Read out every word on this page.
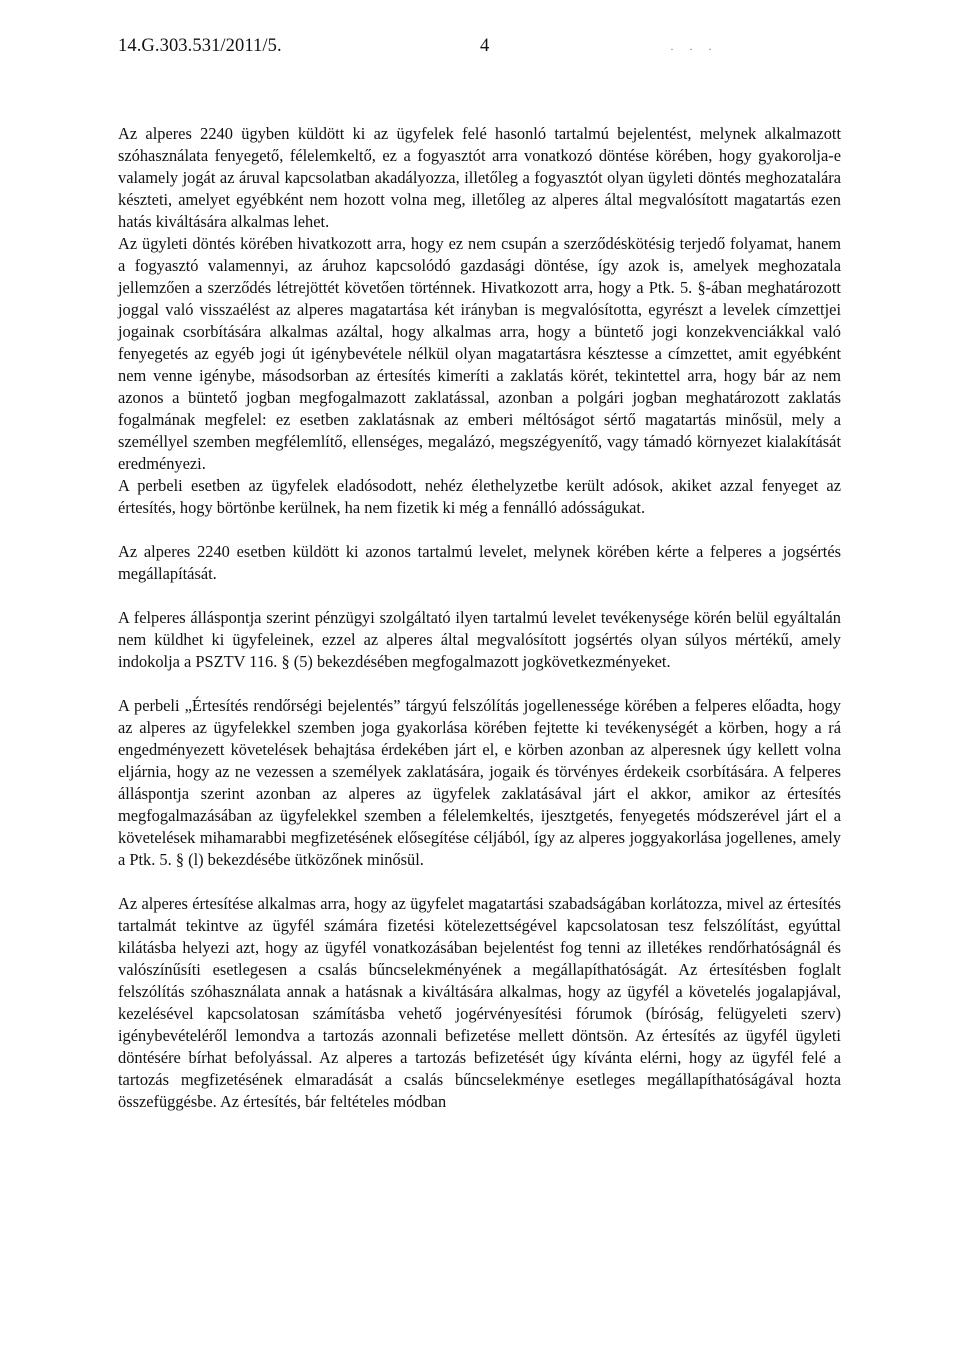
14.G.303.531/2011/5.	4	· · ·

Az alperes 2240 ügyben küldött ki az ügyfelek felé hasonló tartalmú bejelentést, melynek alkalmazott szóhasználata fenyegető, félelemkeltő, ez a fogyasztót arra vonatkozó döntése körében, hogy gyakorolja-e valamely jogát az áruval kapcsolatban akadályozza, illetőleg a fogyasztót olyan ügyleti döntés meghozatalára készteti, amelyet egyébként nem hozott volna meg, illetőleg az alperes által megvalósított magatartás ezen hatás kiváltására alkalmas lehet.

Az ügyleti döntés körében hivatkozott arra, hogy ez nem csupán a szerződéskötésig terjedő folyamat, hanem a fogyasztó valamennyi, az áruhoz kapcsolódó gazdasági döntése, így azok is, amelyek meghozatala jellemzően a szerződés létrejöttét követően történnek. Hivatkozott arra, hogy a Ptk. 5. §-ában meghatározott joggal való visszaélést az alperes magatartása két irányban is megvalósította, egyrészt a levelek címzettjei jogainak csorbítására alkalmas azáltal, hogy alkalmas arra, hogy a büntető jogi konzekvenciákkal való fenyegetés az egyéb jogi út igénybevétele nélkül olyan magatartásra késztesse a címzettet, amit egyébként nem venne igénybe, másodsorban az értesítés kimeríti a zaklatás körét, tekintettel arra, hogy bár az nem azonos a büntető jogban megfogalmazott zaklatással, azonban a polgári jogban meghatározott zaklatás fogalmának megfelel: ez esetben zaklatásnak az emberi méltóságot sértő magatartás minősül, mely a személlyel szemben megfélemlítő, ellenséges, megalázó, megszégyenítő, vagy támadó környezet kialakítását eredményezi.

A perbeli esetben az ügyfelek eladósodott, nehéz élethelyzetbe került adósok, akiket azzal fenyeget az értesítés, hogy börtönbe kerülnek, ha nem fizetik ki még a fennálló adósságukat.

Az alperes 2240 esetben küldött ki azonos tartalmú levelet, melynek körében kérte a felperes a jogsértés megállapítását.

A felperes álláspontja szerint pénzügyi szolgáltató ilyen tartalmú levelet tevékenysége körén belül egyáltalán nem küldhet ki ügyfeleinek, ezzel az alperes által megvalósított jogsértés olyan súlyos mértékű, amely indokolja a PSZTV 116. § (5) bekezdésében megfogalmazott jogkövetkezményeket.

A perbeli „Értesítés rendőrségi bejelentés” tárgyú felszólítás jogellenessége körében a felperes előadta, hogy az alperes az ügyfelekkel szemben joga gyakorlása körében fejtette ki tevékenységét a körben, hogy a rá engedményezett követelések behajtása érdekében járt el, e körben azonban az alperesnek úgy kellett volna eljárnia, hogy az ne vezessen a személyek zaklatására, jogaik és törvényes érdekeik csorbítására. A felperes álláspontja szerint azonban az alperes az ügyfelek zaklatásával járt el akkor, amikor az értesítés megfogalmazásában az ügyfelekkel szemben a félelemkeltés, ijesztgetés, fenyegetés módszerével járt el a követelések mihamarabbi megfizetésének elősegítése céljából, így az alperes joggyakorlása jogellenes, amely a Ptk. 5. § (l) bekezdésébe ütközőnek minősül.

Az alperes értesítése alkalmas arra, hogy az ügyfelet magatartási szabadságában korlátozza, mivel az értesítés tartalmát tekintve az ügyfél számára fizetési kötelezettségével kapcsolatosan tesz felszólítást, egyúttal kilátásba helyezi azt, hogy az ügyfél vonatkozásában bejelentést fog tenni az illetékes rendőrhatóságnál és valószínűsíti esetlegesen a csalás bűncselekményének a megállapíthatóságát. Az értesítésben foglalt felszólítás szóhasználata annak a hatásnak a kiváltására alkalmas, hogy az ügyfél a követelés jogalapjával, kezelésével kapcsolatosan számításba vehető jogérvényesítési fórumok (bíróság, felügyeleti szerv) igénybevételéről lemondva a tartozás azonnali befizetése mellett döntsön. Az értesítés az ügyfél ügyleti döntésére bírhat befolyással. Az alperes a tartozás befizetését úgy kívánta elérni, hogy az ügyfél felé a tartozás megfizetésének elmaradását a csalás bűncselekménye esetleges megállapíthatóságával hozta összefüggésbe. Az értesítés, bár feltételes módban
